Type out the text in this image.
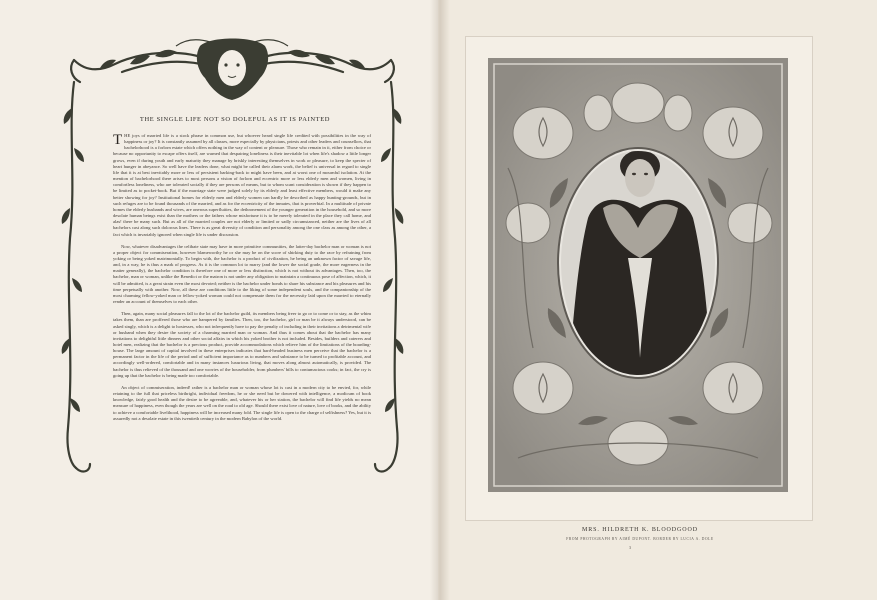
THE SINGLE LIFE NOT SO DOLEFUL AS IT IS PAINTED

THE joys of married life is a stock phrase in common use, but whoever heard single life credited with possibilities in the way of happiness or joy? It is constantly assumed by all classes, more especially by physicians, priests and other leaders and counsellors, that bachelorhood is a forlorn estate which offers nothing in the way of content or pleasure. Those who remain in it, either from choice or because no opportunity to escape offers itself, are warned that despairing loneliness is their inevitable lot when life's shadow a little longer grows, even if during youth and early maturity they manage by briskly interesting themselves in work or pleasure, to keep the specter of heart hunger in abeyance. So well have the leaders done, what might be called their alarm work, the belief is universal in regard to single life that it is at best inevitably more or less of persistent barking-back to might have been, and at worst one of mournful isolation. At the mention of bachelorhood there arises to most persons a vision of forlorn and eccentric more or less elderly men and women, living in comfortless loneliness, who are tolerated socially if they are persons of means, but to whom scant consideration is shown if they happen to be limited as to pocket-book. But if the marriage state were judged solely by its elderly and least effective members, would it make any better showing for joy? Institutional homes for elderly men and elderly women can hardly be described as happy hunting-grounds, but in such refuges are to be found thousands of the married, and as for the eccentricity of the inmates, that is proverbial. In a multitude of private homes the elderly husbands and wives, are onerous superfluities, the dethronement of the younger generation in the household, and so more desolate human beings exist than the mothers or the fathers whose misfortune it is to be merely tolerated in the place they call home, and alas! there be many such. But as all of the married couples are not elderly or limited or sadly circumstanced, neither are the lives of all bachelors cast along such dolorous lines. There is as great diversity of condition and personality among the one class as among the other, a fact which is invariably ignored when single life is under discussion.

Now, whatever disadvantages the celibate state may have in more primitive communities, the latter-day bachelor man or woman is not a proper object for commiseration, however blameworthy he or she may be on the score of shirking duty to the race by refraining from yoking or being yoked matrimonially. To begin with, the bachelor is a product of civilization, he being an unknown factor of savage life, and, in a way, he is thus a mark of progress. As it is the common lot to marry (and the lower the social grade, the more eagerness in the matter generally), the bachelor condition is therefore one of more or less distinction, which is not without its advantages. Then, too, the bachelor, man or woman, unlike the Benedict or the matron is not under any obligation to maintain a continuous pose of affection, which, it will be admitted, is a great strain even the most devoted; neither is the bachelor under bonds to share his substance and his pleasures and his time perpetually with another. Now, all these are conditions little to the liking of some independent souls, and the companionship of the most charming fellow-yoked man or fellow-yoked woman could not compensate them for the necessity laid upon the married to eternally render an account of themselves to each other.

Then, again, many social pleasures fall to the lot of the bachelor guild, its members being freer to go or to come or to stay, as the whim takes them, than are proffered those who are hampered by families. Then, too, the bachelor, girl or man be it always understood, can be asked singly, which is a delight to hostesses, who not infrequently have to pay the penalty of including in their invitations a detrimental wife or husband when they desire the society of a charming married man or woman. And thus it comes about that the bachelor has many invitations to delightful little dinners and other social affairs in which his yoked brother is not included. Besides, builders and caterers and hotel men, realizing that the bachelor is a precious product, provide accommodations which relieve him of the limitations of the boarding-house. The large amount of capital involved in these enterprises indicates that hard-headed business men perceive that the bachelor is a permanent factor in the life of the period and of sufficient importance as to numbers and substance to be turned to profitable account, and accordingly well-ordered, comfortable and in many instances luxurious living, that moves along almost automatically, is provided. The bachelor is thus relieved of the thousand and one worries of the householder, from plumbers' bills to contumacious cooks; in fact, the cry is going up that the bachelor is being made too comfortable.

An object of commiseration, indeed! rather is a bachelor man or woman whose lot is cast in a modern city to be envied, for, while retaining to the full that priceless birthright, individual freedom, he or she need but be dowered with intelligence, a modicum of book knowledge, fairly good health and the desire to be agreeable, and, whatever his or her station, the bachelor will find life yields no mean measure of happiness, even though the years are well on the road to old age. Should there exist love of nature, love of books, and the ability to achieve a comfortable livelihood, happiness will be increased many fold. The single life is open to the charge of selfishness? Yes, but it is assuredly not a desolate estate in this twentieth century in the modern Babylon of the world.

MRS. HILDRETH K. BLOODGOOD
FROM PHOTOGRAPH BY AIMÉ DUPONT. BORDER BY LUCIA A. DOLE
3
